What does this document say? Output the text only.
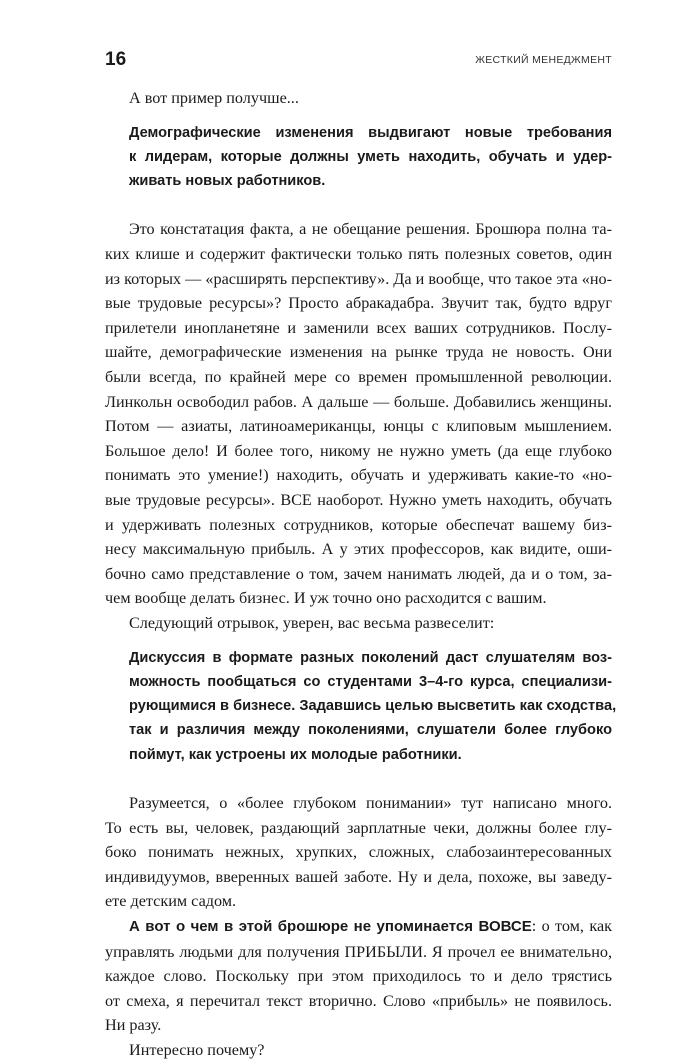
16	ЖЕСТКИЙ МЕНЕДЖМЕНТ
А вот пример получше...
Демографические изменения выдвигают новые требования
к лидерам, которые должны уметь находить, обучать и удер-
живать новых работников.
Это констатация факта, а не обещание решения. Брошюра полна та-
ких клише и содержит фактически только пять полезных советов, один
из которых — «расширять перспективу». Да и вообще, что такое эта «но-
вые трудовые ресурсы»? Просто абракадабра. Звучит так, будто вдруг
прилетели инопланетяне и заменили всех ваших сотрудников. Послу-
шайте, демографические изменения на рынке труда не новость. Они
были всегда, по крайней мере со времен промышленной революции.
Линкольн освободил рабов. А дальше — больше. Добавились женщины.
Потом — азиаты, латиноамериканцы, юнцы с клиповым мышлением.
Большое дело! И более того, никому не нужно уметь (да еще глубоко
понимать это умение!) находить, обучать и удерживать какие-то «но-
вые трудовые ресурсы». ВСЕ наоборот. Нужно уметь находить, обучать
и удерживать полезных сотрудников, которые обеспечат вашему биз-
несу максимальную прибыль. А у этих профессоров, как видите, оши-
бочно само представление о том, зачем нанимать людей, да и о том, за-
чем вообще делать бизнес. И уж точно оно расходится с вашим.
Следующий отрывок, уверен, вас весьма развеселит:
Дискуссия в формате разных поколений даст слушателям воз-
можность пообщаться со студентами 3–4-го курса, специализи-
рующимися в бизнесе. Задавшись целью высветить как сходства,
так и различия между поколениями, слушатели более глубоко
поймут, как устроены их молодые работники.
Разумеется, о «более глубоком понимании» тут написано много.
То есть вы, человек, раздающий зарплатные чеки, должны более глу-
боко понимать нежных, хрупких, сложных, слабозаинтересованных
индивидуумов, вверенных вашей заботе. Ну и дела, похоже, вы заведу-
ете детским садом.
А вот о чем в этой брошюре не упоминается ВОВСЕ: о том, как
управлять людьми для получения ПРИБЫЛИ. Я прочел ее внимательно,
каждое слово. Поскольку при этом приходилось то и дело трястись
от смеха, я перечитал текст вторично. Слово «прибыль» не появилось.
Ни разу.
Интересно почему?
